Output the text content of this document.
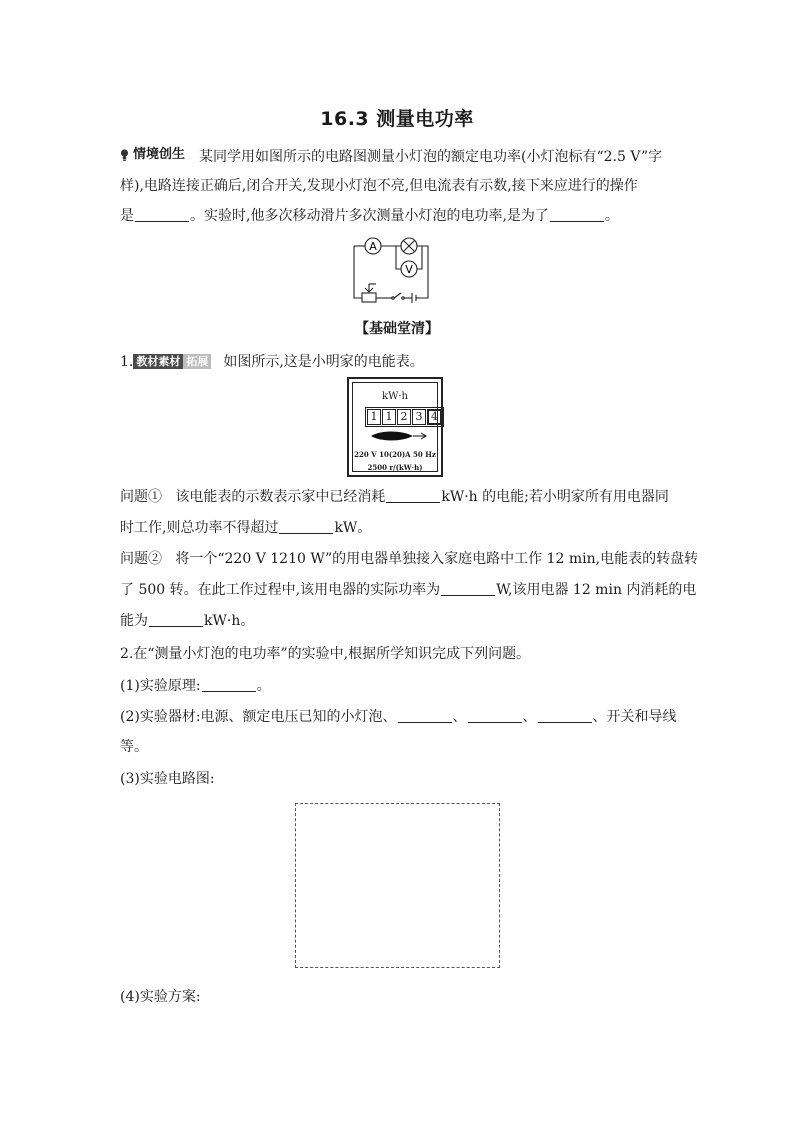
16.3 测量电功率
情境创生 某同学用如图所示的电路图测量小灯泡的额定电功率(小灯泡标有“2.5 V”字
样),电路连接正确后,闭合开关,发现小灯泡不亮,但电流表有示数,接下来应进行的操作
是	。实验时,他多次移动滑片多次测量小灯泡的电功率,是为了	。
A
V
【基础堂清】
1. 教材素材 拓展 如图所示,这是小明家的电能表。
kW·h
1 1 2 3 4
220 V 10(20)A 50 Hz
2500 r/(kW·h)
问题① 该电能表的示数表示家中已经消耗	kW·h 的电能;若小明家所有用电器同
时工作,则总功率不得超过	kW。
问题② 将一个“220 V 1210 W”的用电器单独接入家庭电路中工作 12 min,电能表的转盘转
了 500 转。在此工作过程中,该用电器的实际功率为	W,该用电器 12 min 内消耗的电
能为	kW·h。
2.在“测量小灯泡的电功率”的实验中,根据所学知识完成下列问题。
(1)实验原理:	。
(2)实验器材:电源、额定电压已知的小灯泡、	、	、	、开关和导线
等。
(3)实验电路图:
(4)实验方案:
